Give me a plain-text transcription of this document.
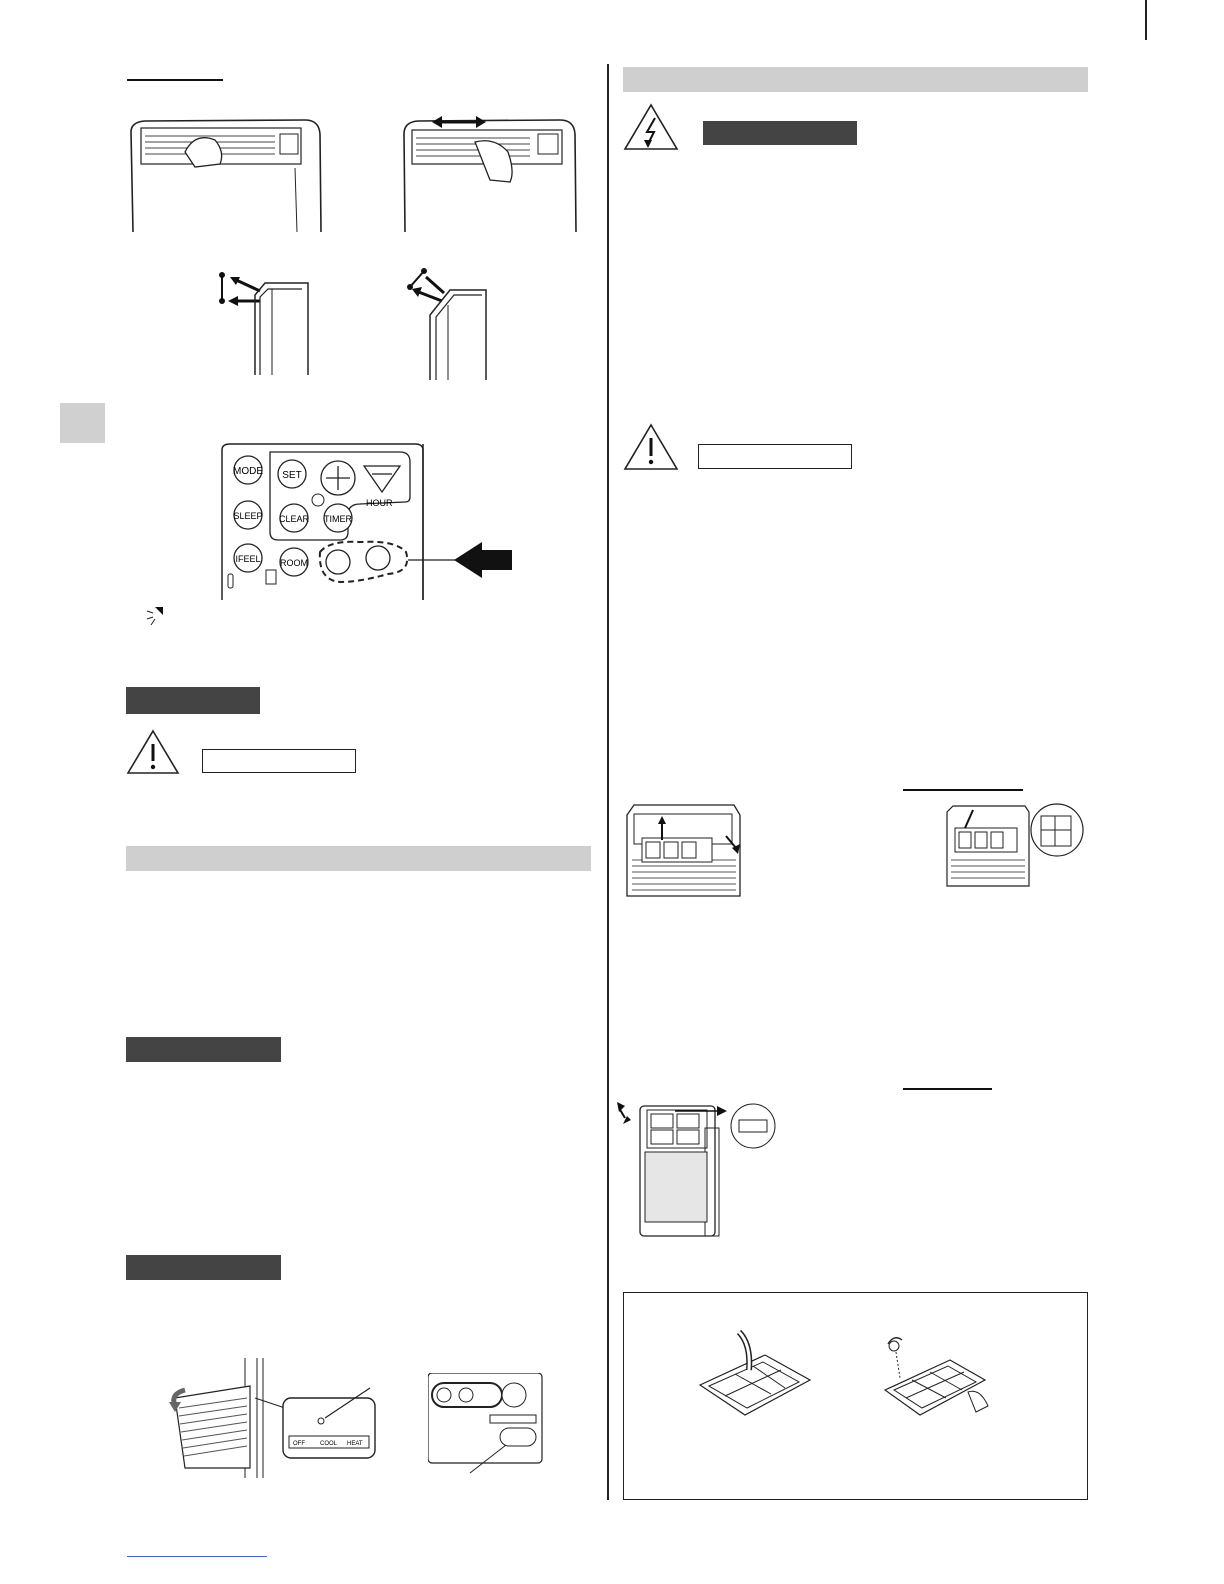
MODE SET
HOUR
SLEEP CLEAR TIMER
IFEEL ROOM
OFF	COOL HEAT
